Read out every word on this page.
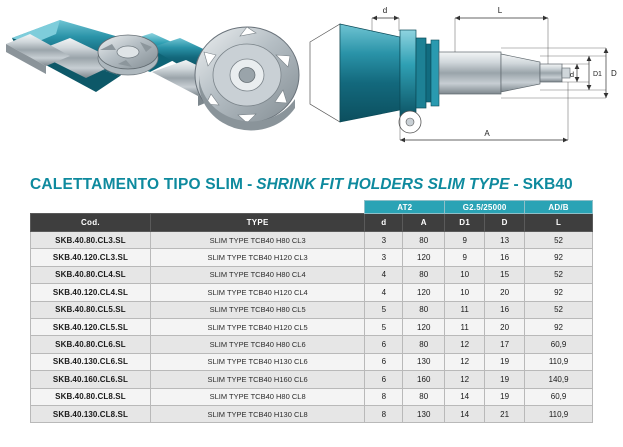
d	L
A
d	D1 D
CALETTAMENTO TIPO SLIM - SHRINK FIT HOLDERS SLIM TYPE - SKB40
		AT2		G2.5/25000		AD/B
Cod.	TYPE	d	A	D1	D	L
SKB.40.80.CL3.SL	SLIM TYPE TCB40 H80 CL3	3	80	9	13	52
SKB.40.120.CL3.SL	SLIM TYPE TCB40 H120 CL3	3	120	9	16	92
SKB.40.80.CL4.SL	SLIM TYPE TCB40 H80 CL4	4	80	10	15	52
SKB.40.120.CL4.SL	SLIM TYPE TCB40 H120 CL4	4	120	10	20	92
SKB.40.80.CL5.SL	SLIM TYPE TCB40 H80 CL5	5	80	11	16	52
SKB.40.120.CL5.SL	SLIM TYPE TCB40 H120 CL5	5	120	11	20	92
SKB.40.80.CL6.SL	SLIM TYPE TCB40 H80 CL6	6	80	12	17	60,9
SKB.40.130.CL6.SL	SLIM TYPE TCB40 H130 CL6	6	130	12	19	110,9
SKB.40.160.CL6.SL	SLIM TYPE TCB40 H160 CL6	6	160	12	19	140,9
SKB.40.80.CL8.SL	SLIM TYPE TCB40 H80 CL8	8	80	14	19	60,9
SKB.40.130.CL8.SL	SLIM TYPE TCB40 H130 CL8	8	130	14	21	110,9
